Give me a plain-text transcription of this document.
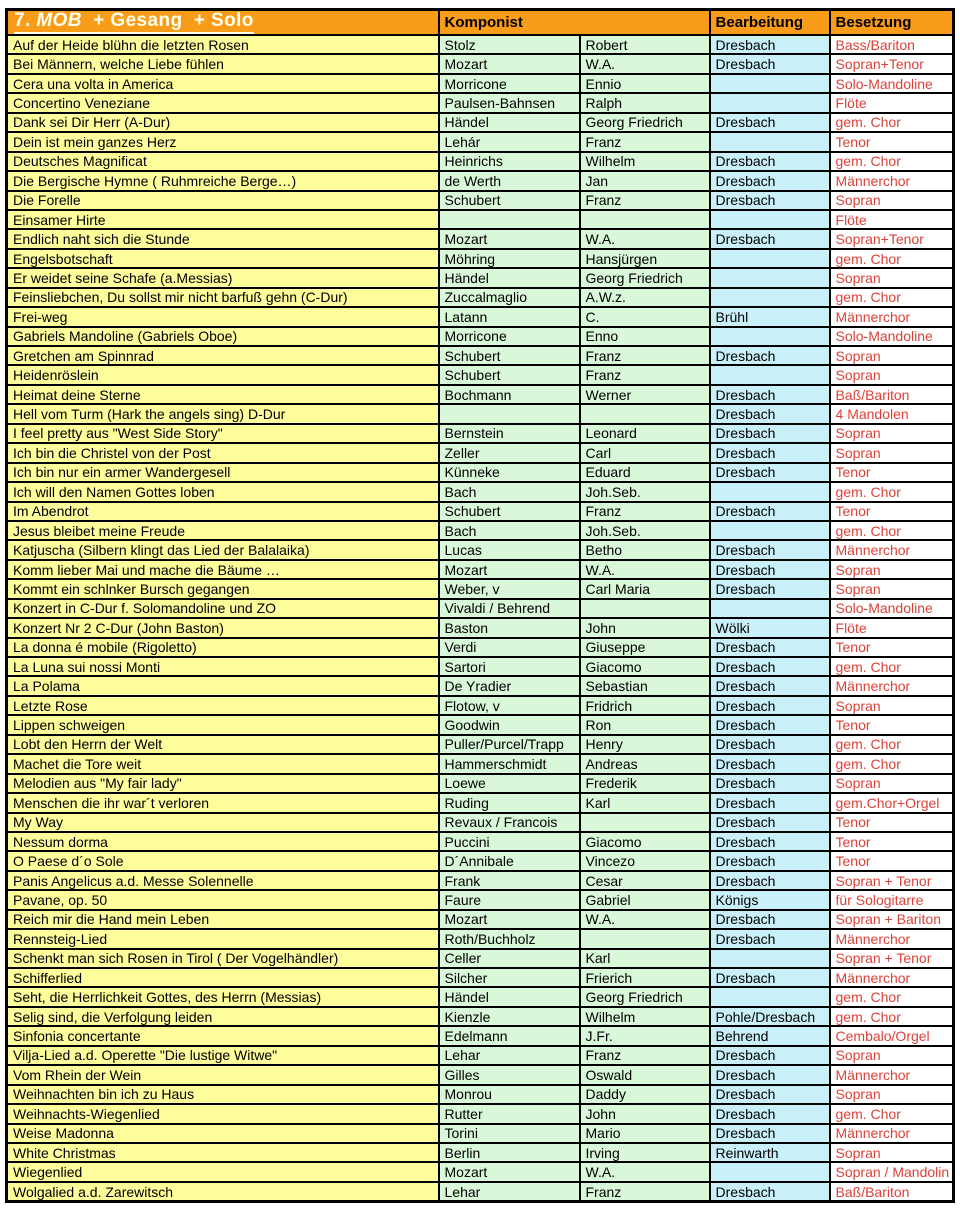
7. MOB  + Gesang  + Solo	Komponist		Bearbeitung	Besetzung
Auf der Heide blühn die letzten Rosen	Stolz	Robert	Dresbach	Bass/Bariton
Bei Männern, welche Liebe fühlen	Mozart	W.A.	Dresbach	Sopran+Tenor
Cera una volta in America	Morricone	Ennio		Solo-Mandoline
Concertino Veneziane	Paulsen-Bahnsen	Ralph		Flöte
Dank sei Dir Herr (A-Dur)	Händel	Georg Friedrich	Dresbach	gem. Chor
Dein ist mein ganzes Herz	Lehár	Franz		Tenor
Deutsches Magnificat	Heinrichs	Wilhelm	Dresbach	gem. Chor
Die Bergische Hymne ( Ruhmreiche Berge…)	de Werth	Jan	Dresbach	Männerchor
Die Forelle	Schubert	Franz	Dresbach	Sopran
Einsamer Hirte				Flöte
Endlich naht sich die Stunde	Mozart	W.A.	Dresbach	Sopran+Tenor
Engelsbotschaft	Möhring	Hansjürgen		gem. Chor
Er weidet seine Schafe (a.Messias)	Händel	Georg Friedrich		Sopran
Feinsliebchen, Du sollst mir nicht barfuß gehn (C-Dur)	Zuccalmaglio	A.W.z.		gem. Chor
Frei-weg	Latann	C.	Brühl	Männerchor
Gabriels Mandoline (Gabriels Oboe)	Morricone	Enno		Solo-Mandoline
Gretchen am Spinnrad	Schubert	Franz	Dresbach	Sopran
Heidenröslein	Schubert	Franz		Sopran
Heimat deine Sterne	Bochmann	Werner	Dresbach	Baß/Bariton
Hell vom Turm (Hark the angels sing) D-Dur			Dresbach	4 Mandolen
I feel pretty aus "West Side Story"	Bernstein	Leonard	Dresbach	Sopran
Ich bin die Christel von der Post	Zeller	Carl	Dresbach	Sopran
Ich bin nur ein armer Wandergesell	Künneke	Eduard	Dresbach	Tenor
Ich will den Namen Gottes loben	Bach	Joh.Seb.		gem. Chor
Im Abendrot	Schubert	Franz	Dresbach	Tenor
Jesus bleibet meine Freude	Bach	Joh.Seb.		gem. Chor
Katjuscha (Silbern klingt das Lied der Balalaika)	Lucas	Betho	Dresbach	Männerchor
Komm lieber Mai und mache die Bäume …	Mozart	W.A.	Dresbach	Sopran
Kommt ein schlnker Bursch gegangen	Weber, v	Carl Maria	Dresbach	Sopran
Konzert in C-Dur f. Solomandoline und ZO	Vivaldi / Behrend			Solo-Mandoline
Konzert Nr 2 C-Dur (John Baston)	Baston	John	Wölki	Flöte
La donna é mobile (Rigoletto)	Verdi	Giuseppe	Dresbach	Tenor
La Luna sui nossi Monti	Sartori	Giacomo	Dresbach	gem. Chor
La Polama	De Yradier	Sebastian	Dresbach	Männerchor
Letzte Rose	Flotow, v	Fridrich	Dresbach	Sopran
Lippen schweigen	Goodwin	Ron	Dresbach	Tenor
Lobt den Herrn der Welt	Puller/Purcel/Trapp	Henry	Dresbach	gem. Chor
Machet die Tore weit	Hammerschmidt	Andreas	Dresbach	gem. Chor
Melodien aus "My fair lady"	Loewe	Frederik	Dresbach	Sopran
Menschen die ihr war´t verloren	Ruding	Karl	Dresbach	gem.Chor+Orgel
My Way	Revaux / Francois		Dresbach	Tenor
Nessum dorma	Puccini	Giacomo	Dresbach	Tenor
O Paese d´o Sole	D´Annibale	Vincezo	Dresbach	Tenor
Panis Angelicus a.d. Messe Solennelle	Frank	Cesar	Dresbach	Sopran + Tenor
Pavane, op. 50	Faure	Gabriel	Königs	für Sologitarre
Reich mir die Hand mein Leben	Mozart	W.A.	Dresbach	Sopran + Bariton
Rennsteig-Lied	Roth/Buchholz		Dresbach	Männerchor
Schenkt man sich Rosen in Tirol ( Der Vogelhändler)	Celler	Karl		Sopran + Tenor
Schifferlied	Silcher	Frierich	Dresbach	Männerchor
Seht, die Herrlichkeit Gottes, des Herrn (Messias)	Händel	Georg Friedrich		gem. Chor
Selig sind, die Verfolgung leiden	Kienzle	Wilhelm	Pohle/Dresbach	gem. Chor
Sinfonia concertante	Edelmann	J.Fr.	Behrend	Cembalo/Orgel
Vilja-Lied a.d. Operette "Die lustige Witwe"	Lehar	Franz	Dresbach	Sopran
Vom Rhein der Wein	Gilles	Oswald	Dresbach	Männerchor
Weihnachten bin ich zu Haus	Monrou	Daddy	Dresbach	Sopran
Weihnachts-Wiegenlied	Rutter	John	Dresbach	gem. Chor
Weise Madonna	Torini	Mario	Dresbach	Männerchor
White Christmas	Berlin	Irving	Reinwarth	Sopran
Wiegenlied	Mozart	W.A.		Sopran / Mandolin
Wolgalied a.d. Zarewitsch	Lehar	Franz	Dresbach	Baß/Bariton
